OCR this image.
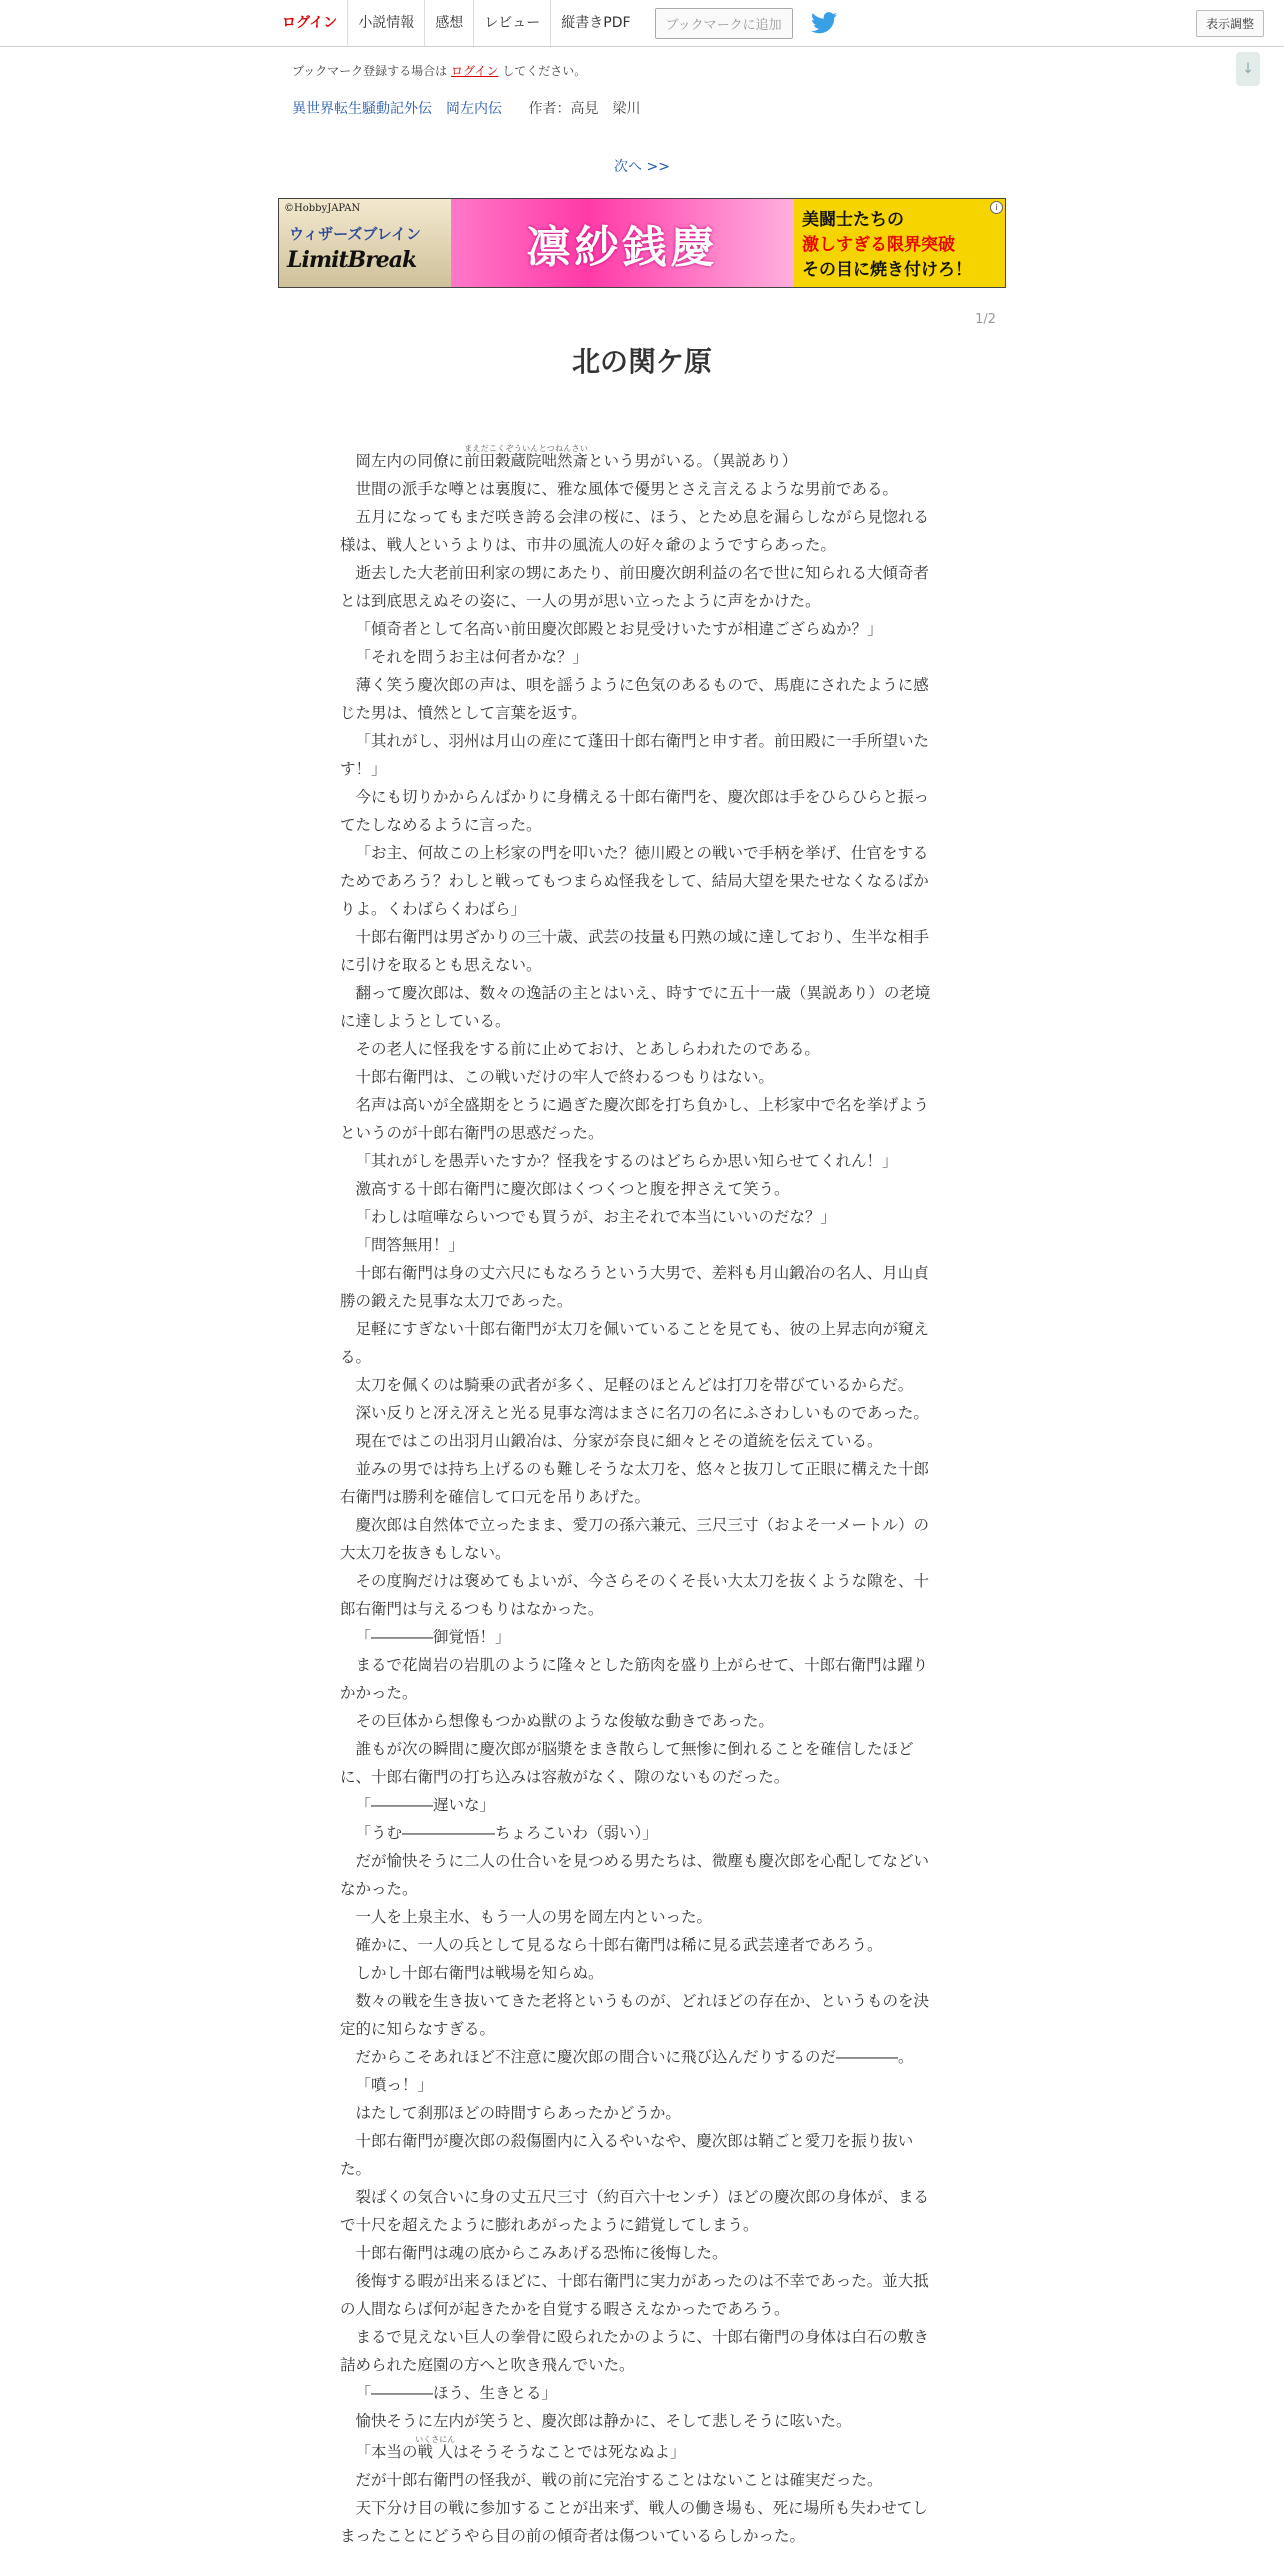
ログイン	小説情報	感想	レビュー	縦書きPDF	ブックマークに追加	表示調整
↓
ブックマーク登録する場合は ログイン してください。
異世界転生騒動記外伝　岡左内伝 作者：高見　梁川
次へ >>
©HobbyJAPAN
ウィザーズブレイン
LimitBreak	凛紗銭慶
美闘士たちの
激しすぎる限界突破
その目に焼き付けろ！
i
1/2
北の関ケ原

岡左内の同僚に前田穀蔵院咄然斎まえだこくぞういんとつねんさいという男がいる。（異説あり）

世間の派手な噂とは裏腹に、雅な風体で優男とさえ言えるような男前である。

五月になってもまだ咲き誇る会津の桜に、ほう、とため息を漏らしながら見惚れる様は、戦人というよりは、市井の風流人の好々爺のようですらあった。

逝去した大老前田利家の甥にあたり、前田慶次朗利益の名で世に知られる大傾奇者とは到底思えぬその姿に、一人の男が思い立ったように声をかけた。

「傾奇者として名高い前田慶次郎殿とお見受けいたすが相違ござらぬか？」

「それを問うお主は何者かな？」

薄く笑う慶次郎の声は、唄を謡うように色気のあるもので、馬鹿にされたように感じた男は、憤然として言葉を返す。

「其れがし、羽州は月山の産にて蓬田十郎右衛門と申す者。前田殿に一手所望いたす！」

今にも切りかからんばかりに身構える十郎右衛門を、慶次郎は手をひらひらと振ってたしなめるように言った。

「お主、何故この上杉家の門を叩いた？徳川殿との戦いで手柄を挙げ、仕官をするためであろう？わしと戦ってもつまらぬ怪我をして、結局大望を果たせなくなるばかりよ。くわばらくわばら」

十郎右衛門は男ざかりの三十歳、武芸の技量も円熟の域に達しており、生半な相手に引けを取るとも思えない。

翻って慶次郎は、数々の逸話の主とはいえ、時すでに五十一歳（異説あり）の老境に達しようとしている。

その老人に怪我をする前に止めておけ、とあしらわれたのである。

十郎右衛門は、この戦いだけの牢人で終わるつもりはない。

名声は高いが全盛期をとうに過ぎた慶次郎を打ち負かし、上杉家中で名を挙げようというのが十郎右衛門の思惑だった。

「其れがしを愚弄いたすか？怪我をするのはどちらか思い知らせてくれん！」

激高する十郎右衛門に慶次郎はくつくつと腹を押さえて笑う。

「わしは喧嘩ならいつでも買うが、お主それで本当にいいのだな？」

「問答無用！」

十郎右衛門は身の丈六尺にもなろうという大男で、差料も月山鍛冶の名人、月山貞勝の鍛えた見事な太刀であった。

足軽にすぎない十郎右衛門が太刀を佩いていることを見ても、彼の上昇志向が窺える。

太刀を佩くのは騎乗の武者が多く、足軽のほとんどは打刀を帯びているからだ。

深い反りと冴え冴えと光る見事な湾はまさに名刀の名にふさわしいものであった。

現在ではこの出羽月山鍛冶は、分家が奈良に細々とその道統を伝えている。

並みの男では持ち上げるのも難しそうな太刀を、悠々と抜刀して正眼に構えた十郎右衛門は勝利を確信して口元を吊りあげた。

慶次郎は自然体で立ったまま、愛刀の孫六兼元、三尺三寸（およそ一メートル）の大太刀を抜きもしない。

その度胸だけは褒めてもよいが、今さらそのくそ長い大太刀を抜くような隙を、十郎右衛門は与えるつもりはなかった。

「――――御覚悟！」

まるで花崗岩の岩肌のように隆々とした筋肉を盛り上がらせて、十郎右衛門は躍りかかった。

その巨体から想像もつかぬ獣のような俊敏な動きであった。

誰もが次の瞬間に慶次郎が脳漿をまき散らして無惨に倒れることを確信したほどに、十郎右衛門の打ち込みは容赦がなく、隙のないものだった。

「――――遅いな」

「うむ――――――ちょろこいわ（弱い）」

だが愉快そうに二人の仕合いを見つめる男たちは、微塵も慶次郎を心配してなどいなかった。

一人を上泉主水、もう一人の男を岡左内といった。

確かに、一人の兵として見るなら十郎右衛門は稀に見る武芸達者であろう。

しかし十郎右衛門は戦場を知らぬ。

数々の戦を生き抜いてきた老将というものが、どれほどの存在か、というものを決定的に知らなすぎる。

だからこそあれほど不注意に慶次郎の間合いに飛び込んだりするのだ――――。

「噴っ！」

はたして刹那ほどの時間すらあったかどうか。

十郎右衛門が慶次郎の殺傷圏内に入るやいなや、慶次郎は鞘ごと愛刀を振り抜いた。

裂ぱくの気合いに身の丈五尺三寸（約百六十センチ）ほどの慶次郎の身体が、まるで十尺を超えたように膨れあがったように錯覚してしまう。

十郎右衛門は魂の底からこみあげる恐怖に後悔した。

後悔する暇が出来るほどに、十郎右衛門に実力があったのは不幸であった。並大抵の人間ならば何が起きたかを自覚する暇さえなかったであろう。

まるで見えない巨人の拳骨に殴られたかのように、十郎右衛門の身体は白石の敷き詰められた庭園の方へと吹き飛んでいた。

「――――ほう、生きとる」

愉快そうに左内が笑うと、慶次郎は静かに、そして悲しそうに呟いた。

「本当の戦人いくさにんはそうそうなことでは死なぬよ」

だが十郎右衛門の怪我が、戦の前に完治することはないことは確実だった。

天下分け目の戦に参加することが出来ず、戦人の働き場も、死に場所も失わせてしまったことにどうやら目の前の傾奇者は傷ついているらしかった。
